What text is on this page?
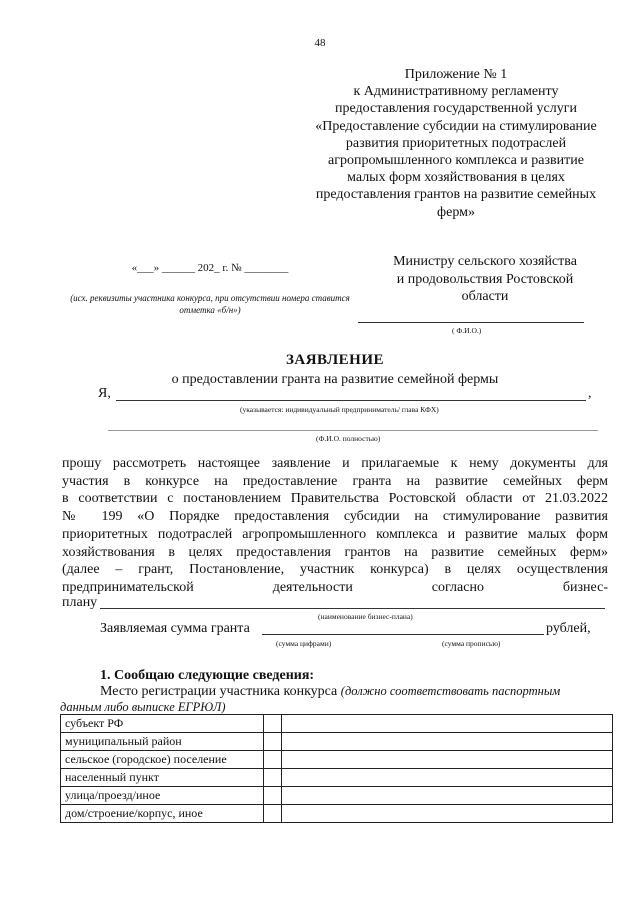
48
Приложение № 1
к Административному регламенту
предоставления государственной услуги
«Предоставление субсидии на стимулирование
развития приоритетных подотраслей
агропромышленного комплекса и развитие
малых форм хозяйствования в целях
предоставления грантов на развитие семейных
ферм»
«___» ______ 202_ г. № ________
(исх. реквизиты участника конкурса, при отсутствии номера ставится отметка «б/н»)
Министру сельского хозяйства
и продовольствия Ростовской
области
( Ф.И.О.)
ЗАЯВЛЕНИЕ
о предоставлении гранта на развитие семейной фермы
Я,	,
(указывается: индивидуальный предприниматель/ глава КФХ)
(Ф.И.О. полностью)
прошу рассмотреть настоящее заявление и прилагаемые к нему документы для
участия в конкурсе на предоставление гранта на развитие семейных ферм
в соответствии с постановлением Правительства Ростовской области от 21.03.2022
№ 199 «О Порядке предоставления субсидии на стимулирование развития
приоритетных подотраслей агропромышленного комплекса и развитие малых форм
хозяйствования в целях предоставления грантов на развитие семейных ферм»
(далее – грант, Постановление, участник конкурса) в целях осуществления
предпринимательской деятельности согласно бизнес-
плану
(наименование бизнес-плана)
Заявляемая сумма гранта	рублей,
(сумма цифрами)	(сумма прописью)
1. Сообщаю следующие сведения:
Место регистрации участника конкурса (должно соответствовать паспортным
данным либо выписке ЕГРЮЛ)
субъект РФ		
муниципальный район		
сельское (городское) поселение		
населенный пункт		
улица/проезд/иное		
дом/строение/корпус, иное		
